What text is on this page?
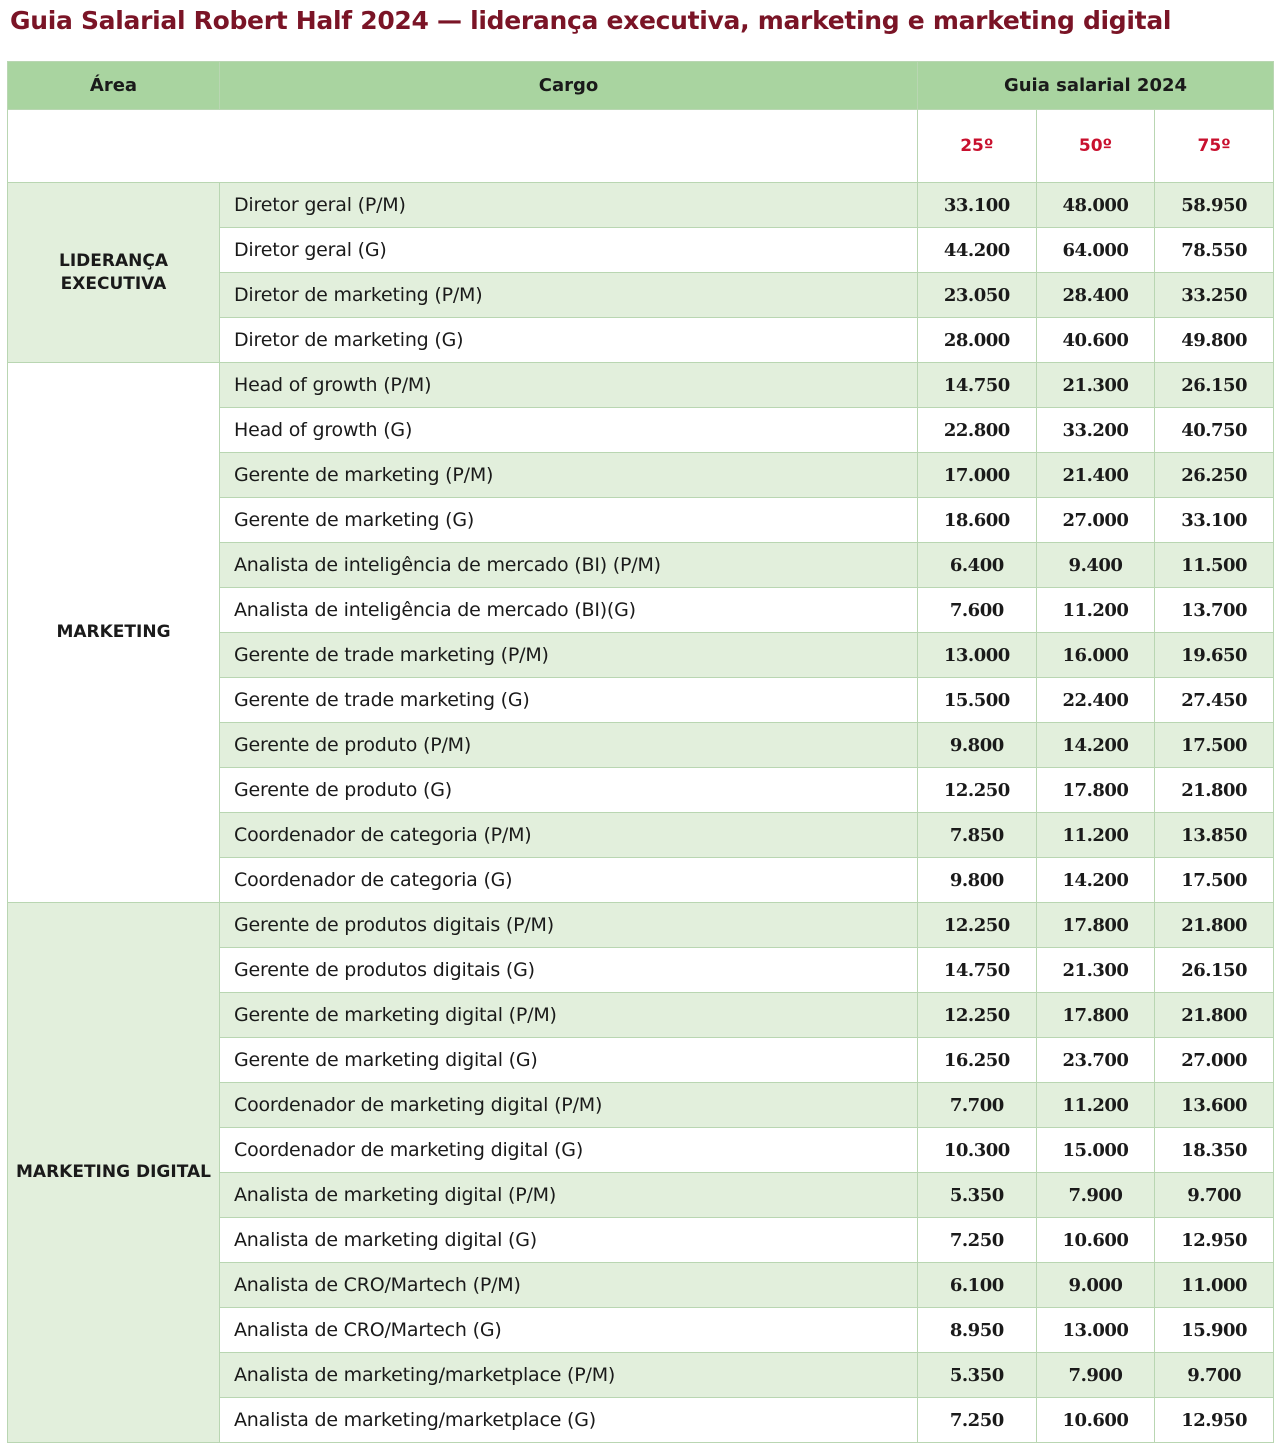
Guia Salarial Robert Half 2024 — liderança executiva, marketing e marketing digital
Área	Cargo	Guia salarial 2024		
		25º	50º	75º
LIDERANÇA EXECUTIVA	Diretor geral (P/M)	33.100	48.000	58.950
	Diretor geral (G)	44.200	64.000	78.550
	Diretor de marketing (P/M)	23.050	28.400	33.250
	Diretor de marketing (G)	28.000	40.600	49.800
MARKETING	Head of growth (P/M)	14.750	21.300	26.150
	Head of growth (G)	22.800	33.200	40.750
	Gerente de marketing (P/M)	17.000	21.400	26.250
	Gerente de marketing (G)	18.600	27.000	33.100
	Analista de inteligência de mercado (BI) (P/M)	6.400	9.400	11.500
	Analista de inteligência de mercado (BI)(G)	7.600	11.200	13.700
	Gerente de trade marketing (P/M)	13.000	16.000	19.650
	Gerente de trade marketing (G)	15.500	22.400	27.450
	Gerente de produto (P/M)	9.800	14.200	17.500
	Gerente de produto (G)	12.250	17.800	21.800
	Coordenador de categoria (P/M)	7.850	11.200	13.850
	Coordenador de categoria (G)	9.800	14.200	17.500
MARKETING DIGITAL	Gerente de produtos digitais (P/M)	12.250	17.800	21.800
	Gerente de produtos digitais (G)	14.750	21.300	26.150
	Gerente de marketing digital (P/M)	12.250	17.800	21.800
	Gerente de marketing digital (G)	16.250	23.700	27.000
	Coordenador de marketing digital (P/M)	7.700	11.200	13.600
	Coordenador de marketing digital (G)	10.300	15.000	18.350
	Analista de marketing digital (P/M)	5.350	7.900	9.700
	Analista de marketing digital (G)	7.250	10.600	12.950
	Analista de CRO/Martech (P/M)	6.100	9.000	11.000
	Analista de CRO/Martech (G)	8.950	13.000	15.900
	Analista de marketing/marketplace (P/M)	5.350	7.900	9.700
	Analista de marketing/marketplace (G)	7.250	10.600	12.950
